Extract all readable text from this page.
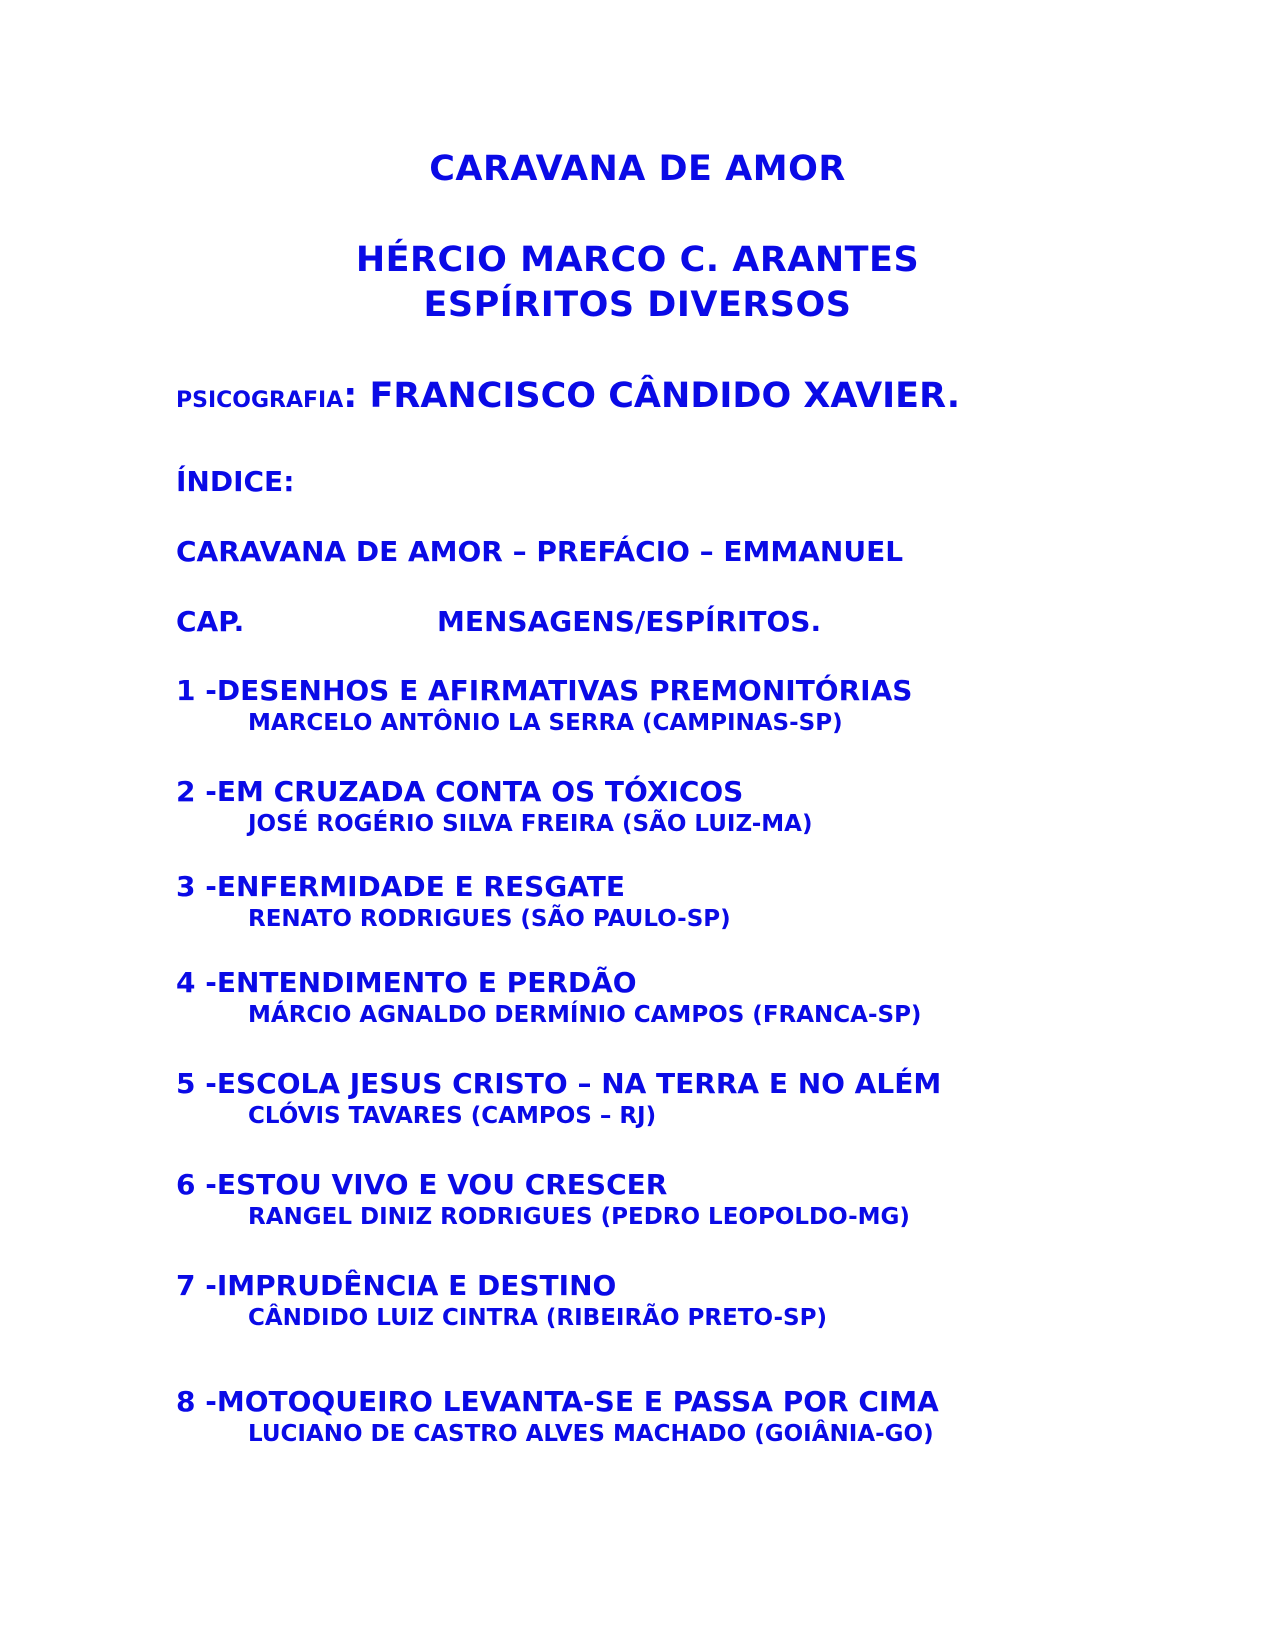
CARAVANA DE AMOR
HÉRCIO MARCO C. ARANTES
ESPÍRITOS DIVERSOS
PSICOGRAFIA: FRANCISCO CÂNDIDO XAVIER.
ÍNDICE:
CARAVANA DE AMOR – PREFÁCIO – EMMANUEL
CAP.	MENSAGENS/ESPÍRITOS.
1 -DESENHOS E AFIRMATIVAS PREMONITÓRIAS
MARCELO ANTÔNIO LA SERRA (CAMPINAS-SP)
2 -EM CRUZADA CONTA OS TÓXICOS
JOSÉ ROGÉRIO SILVA FREIRA (SÃO LUIZ-MA)
3 -ENFERMIDADE E RESGATE
RENATO RODRIGUES (SÃO PAULO-SP)
4 -ENTENDIMENTO E PERDÃO
MÁRCIO AGNALDO DERMÍNIO CAMPOS (FRANCA-SP)
5 -ESCOLA JESUS CRISTO – NA TERRA E NO ALÉM
CLÓVIS TAVARES (CAMPOS – RJ)
6 -ESTOU VIVO E VOU CRESCER
RANGEL DINIZ RODRIGUES (PEDRO LEOPOLDO-MG)
7 -IMPRUDÊNCIA E DESTINO
CÂNDIDO LUIZ CINTRA (RIBEIRÃO PRETO-SP)
8 -MOTOQUEIRO LEVANTA-SE E PASSA POR CIMA
LUCIANO DE CASTRO ALVES MACHADO (GOIÂNIA-GO)
